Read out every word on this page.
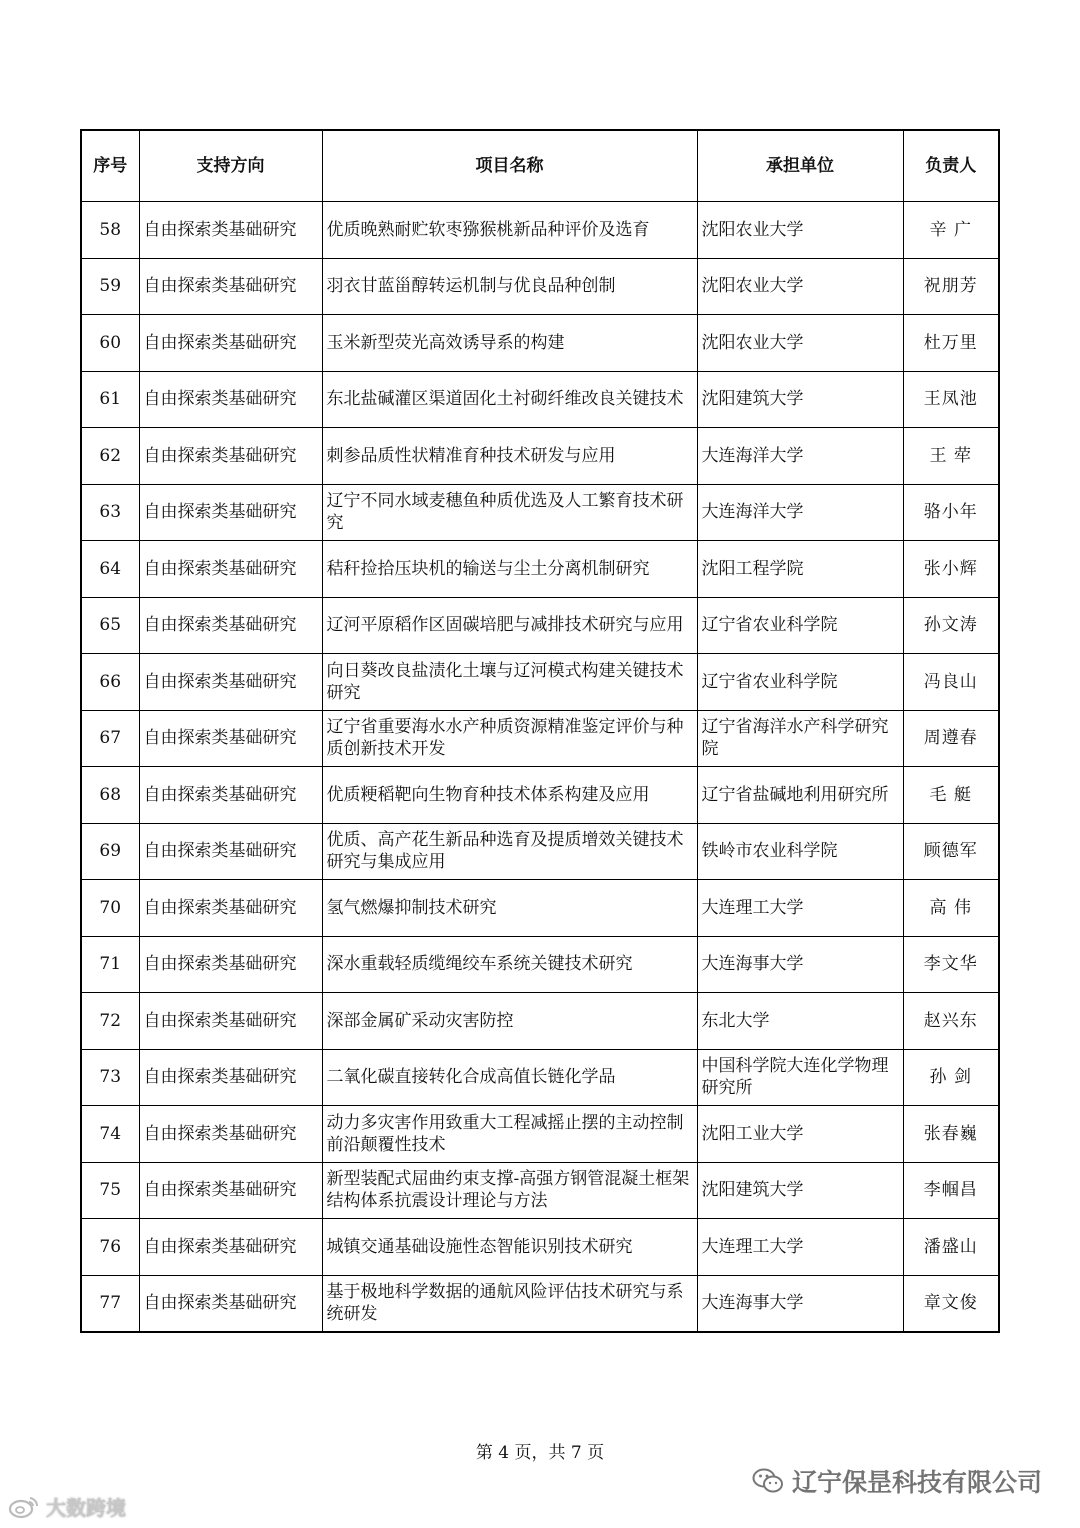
序号	支持方向	项目名称	承担单位	负责人
58	自由探索类基础研究	优质晚熟耐贮软枣猕猴桃新品种评价及选育	沈阳农业大学	辛 广
59	自由探索类基础研究	羽衣甘蓝甾醇转运机制与优良品种创制	沈阳农业大学	祝朋芳
60	自由探索类基础研究	玉米新型荧光高效诱导系的构建	沈阳农业大学	杜万里
61	自由探索类基础研究	东北盐碱灌区渠道固化土衬砌纤维改良关键技术	沈阳建筑大学	王凤池
62	自由探索类基础研究	刺参品质性状精准育种技术研发与应用	大连海洋大学	王 荦
63	自由探索类基础研究	辽宁不同水域麦穗鱼种质优选及人工繁育技术研究	大连海洋大学	骆小年
64	自由探索类基础研究	秸秆捡拾压块机的输送与尘土分离机制研究	沈阳工程学院	张小辉
65	自由探索类基础研究	辽河平原稻作区固碳培肥与减排技术研究与应用	辽宁省农业科学院	孙文涛
66	自由探索类基础研究	向日葵改良盐渍化土壤与辽河模式构建关键技术研究	辽宁省农业科学院	冯良山
67	自由探索类基础研究	辽宁省重要海水水产种质资源精准鉴定评价与种质创新技术开发	辽宁省海洋水产科学研究院	周遵春
68	自由探索类基础研究	优质粳稻靶向生物育种技术体系构建及应用	辽宁省盐碱地利用研究所	毛 艇
69	自由探索类基础研究	优质、高产花生新品种选育及提质增效关键技术研究与集成应用	铁岭市农业科学院	顾德军
70	自由探索类基础研究	氢气燃爆抑制技术研究	大连理工大学	高 伟
71	自由探索类基础研究	深水重载轻质缆绳绞车系统关键技术研究	大连海事大学	李文华
72	自由探索类基础研究	深部金属矿采动灾害防控	东北大学	赵兴东
73	自由探索类基础研究	二氧化碳直接转化合成高值长链化学品	中国科学院大连化学物理研究所	孙 剑
74	自由探索类基础研究	动力多灾害作用致重大工程减摇止摆的主动控制前沿颠覆性技术	沈阳工业大学	张春巍
75	自由探索类基础研究	新型装配式屈曲约束支撑-高强方钢管混凝土框架结构体系抗震设计理论与方法	沈阳建筑大学	李帼昌
76	自由探索类基础研究	城镇交通基础设施性态智能识别技术研究	大连理工大学	潘盛山
77	自由探索类基础研究	基于极地科学数据的通航风险评估技术研究与系统研发	大连海事大学	章文俊
第 4 页，共 7 页
辽宁保昰科技有限公司
大数跨境
